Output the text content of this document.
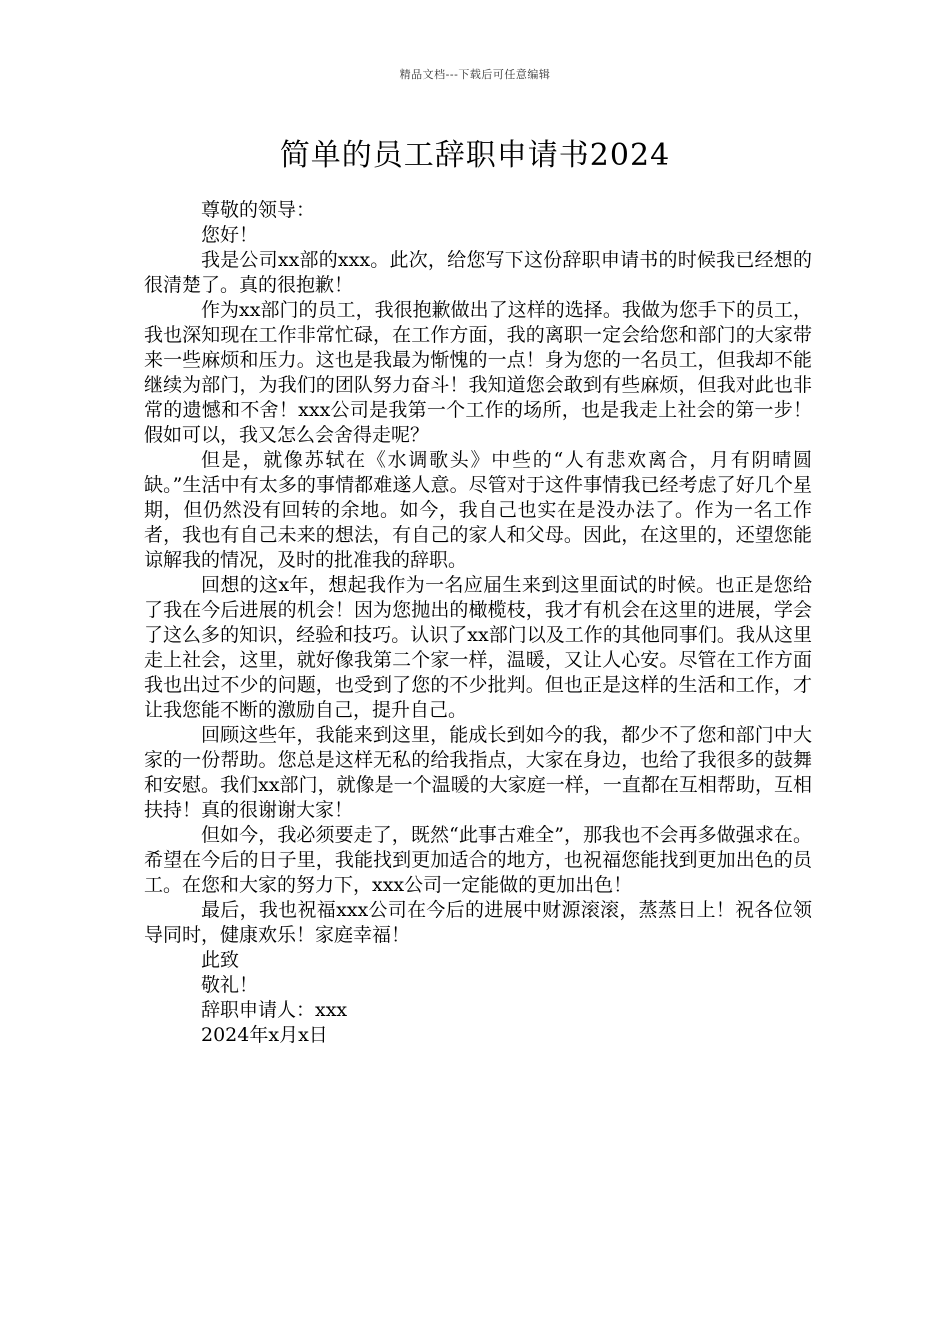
精品文档---下载后可任意编辑
简单的员工辞职申请书2024

尊敬的领导：

您好！

我是公司xx部的xxx。此次，给您写下这份辞职申请书的时候我已经想的很清楚了。真的很抱歉！

作为xx部门的员工，我很抱歉做出了这样的选择。我做为您手下的员工，我也深知现在工作非常忙碌，在工作方面，我的离职一定会给您和部门的大家带来一些麻烦和压力。这也是我最为惭愧的一点！身为您的一名员工，但我却不能继续为部门，为我们的团队努力奋斗！我知道您会敢到有些麻烦，但我对此也非常的遗憾和不舍！xxx公司是我第一个工作的场所，也是我走上社会的第一步！假如可以，我又怎么会舍得走呢？

但是，就像苏轼在《水调歌头》中些的“人有悲欢离合，月有阴晴圆缺。”生活中有太多的事情都难遂人意。尽管对于这件事情我已经考虑了好几个星期，但仍然没有回转的余地。如今，我自己也实在是没办法了。作为一名工作者，我也有自己未来的想法，有自己的家人和父母。因此，在这里的，还望您能谅解我的情况，及时的批准我的辞职。

回想的这x年，想起我作为一名应届生来到这里面试的时候。也正是您给了我在今后进展的机会！因为您抛出的橄榄枝，我才有机会在这里的进展，学会了这么多的知识，经验和技巧。认识了xx部门以及工作的其他同事们。我从这里走上社会，这里，就好像我第二个家一样，温暖，又让人心安。尽管在工作方面我也出过不少的问题，也受到了您的不少批判。但也正是这样的生活和工作，才让我您能不断的激励自己，提升自己。

回顾这些年，我能来到这里，能成长到如今的我，都少不了您和部门中大家的一份帮助。您总是这样无私的给我指点，大家在身边，也给了我很多的鼓舞和安慰。我们xx部门，就像是一个温暖的大家庭一样，一直都在互相帮助，互相扶持！真的很谢谢大家！

但如今，我必须要走了，既然“此事古难全”，那我也不会再多做强求在。希望在今后的日子里，我能找到更加适合的地方，也祝福您能找到更加出色的员工。在您和大家的努力下，xxx公司一定能做的更加出色！

最后，我也祝福xxx公司在今后的进展中财源滚滚，蒸蒸日上！祝各位领导同时，健康欢乐！家庭幸福！

此致

敬礼！

辞职申请人：xxx

2024年x月x日
